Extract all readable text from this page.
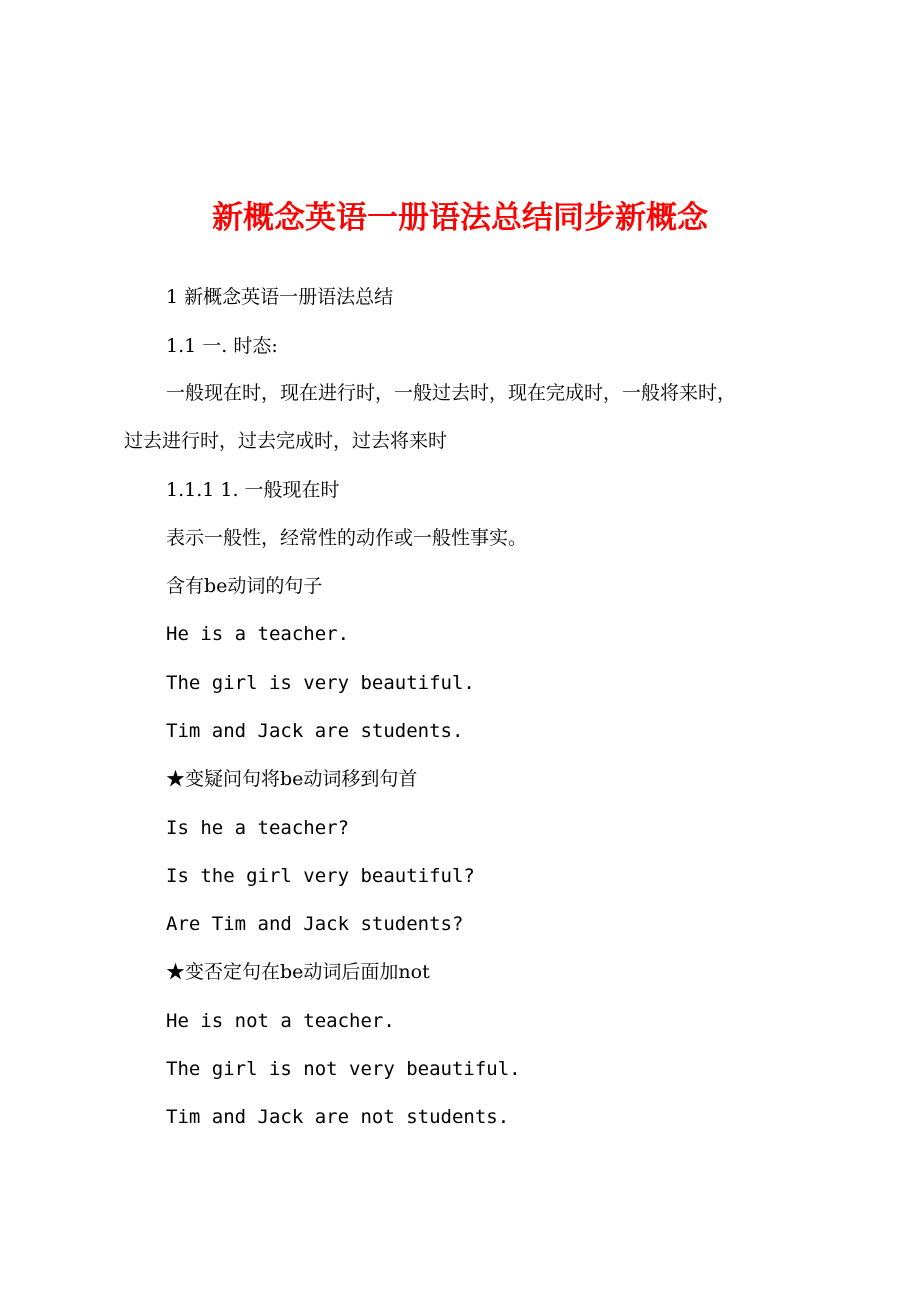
新概念英语一册语法总结同步新概念
1 新概念英语一册语法总结
1.1 一. 时态:
一般现在时，现在进行时，一般过去时，现在完成时，一般将来时，
过去进行时，过去完成时，过去将来时
1.1.1 1. 一般现在时
表示一般性，经常性的动作或一般性事实。
含有be动词的句子
He is a teacher.
The girl is very beautiful.
Tim and Jack are students.
★变疑问句将be动词移到句首
Is he a teacher?
Is the girl very beautiful?
Are Tim and Jack students?
★变否定句在be动词后面加not
He is not a teacher.
The girl is not very beautiful.
Tim and Jack are not students.
